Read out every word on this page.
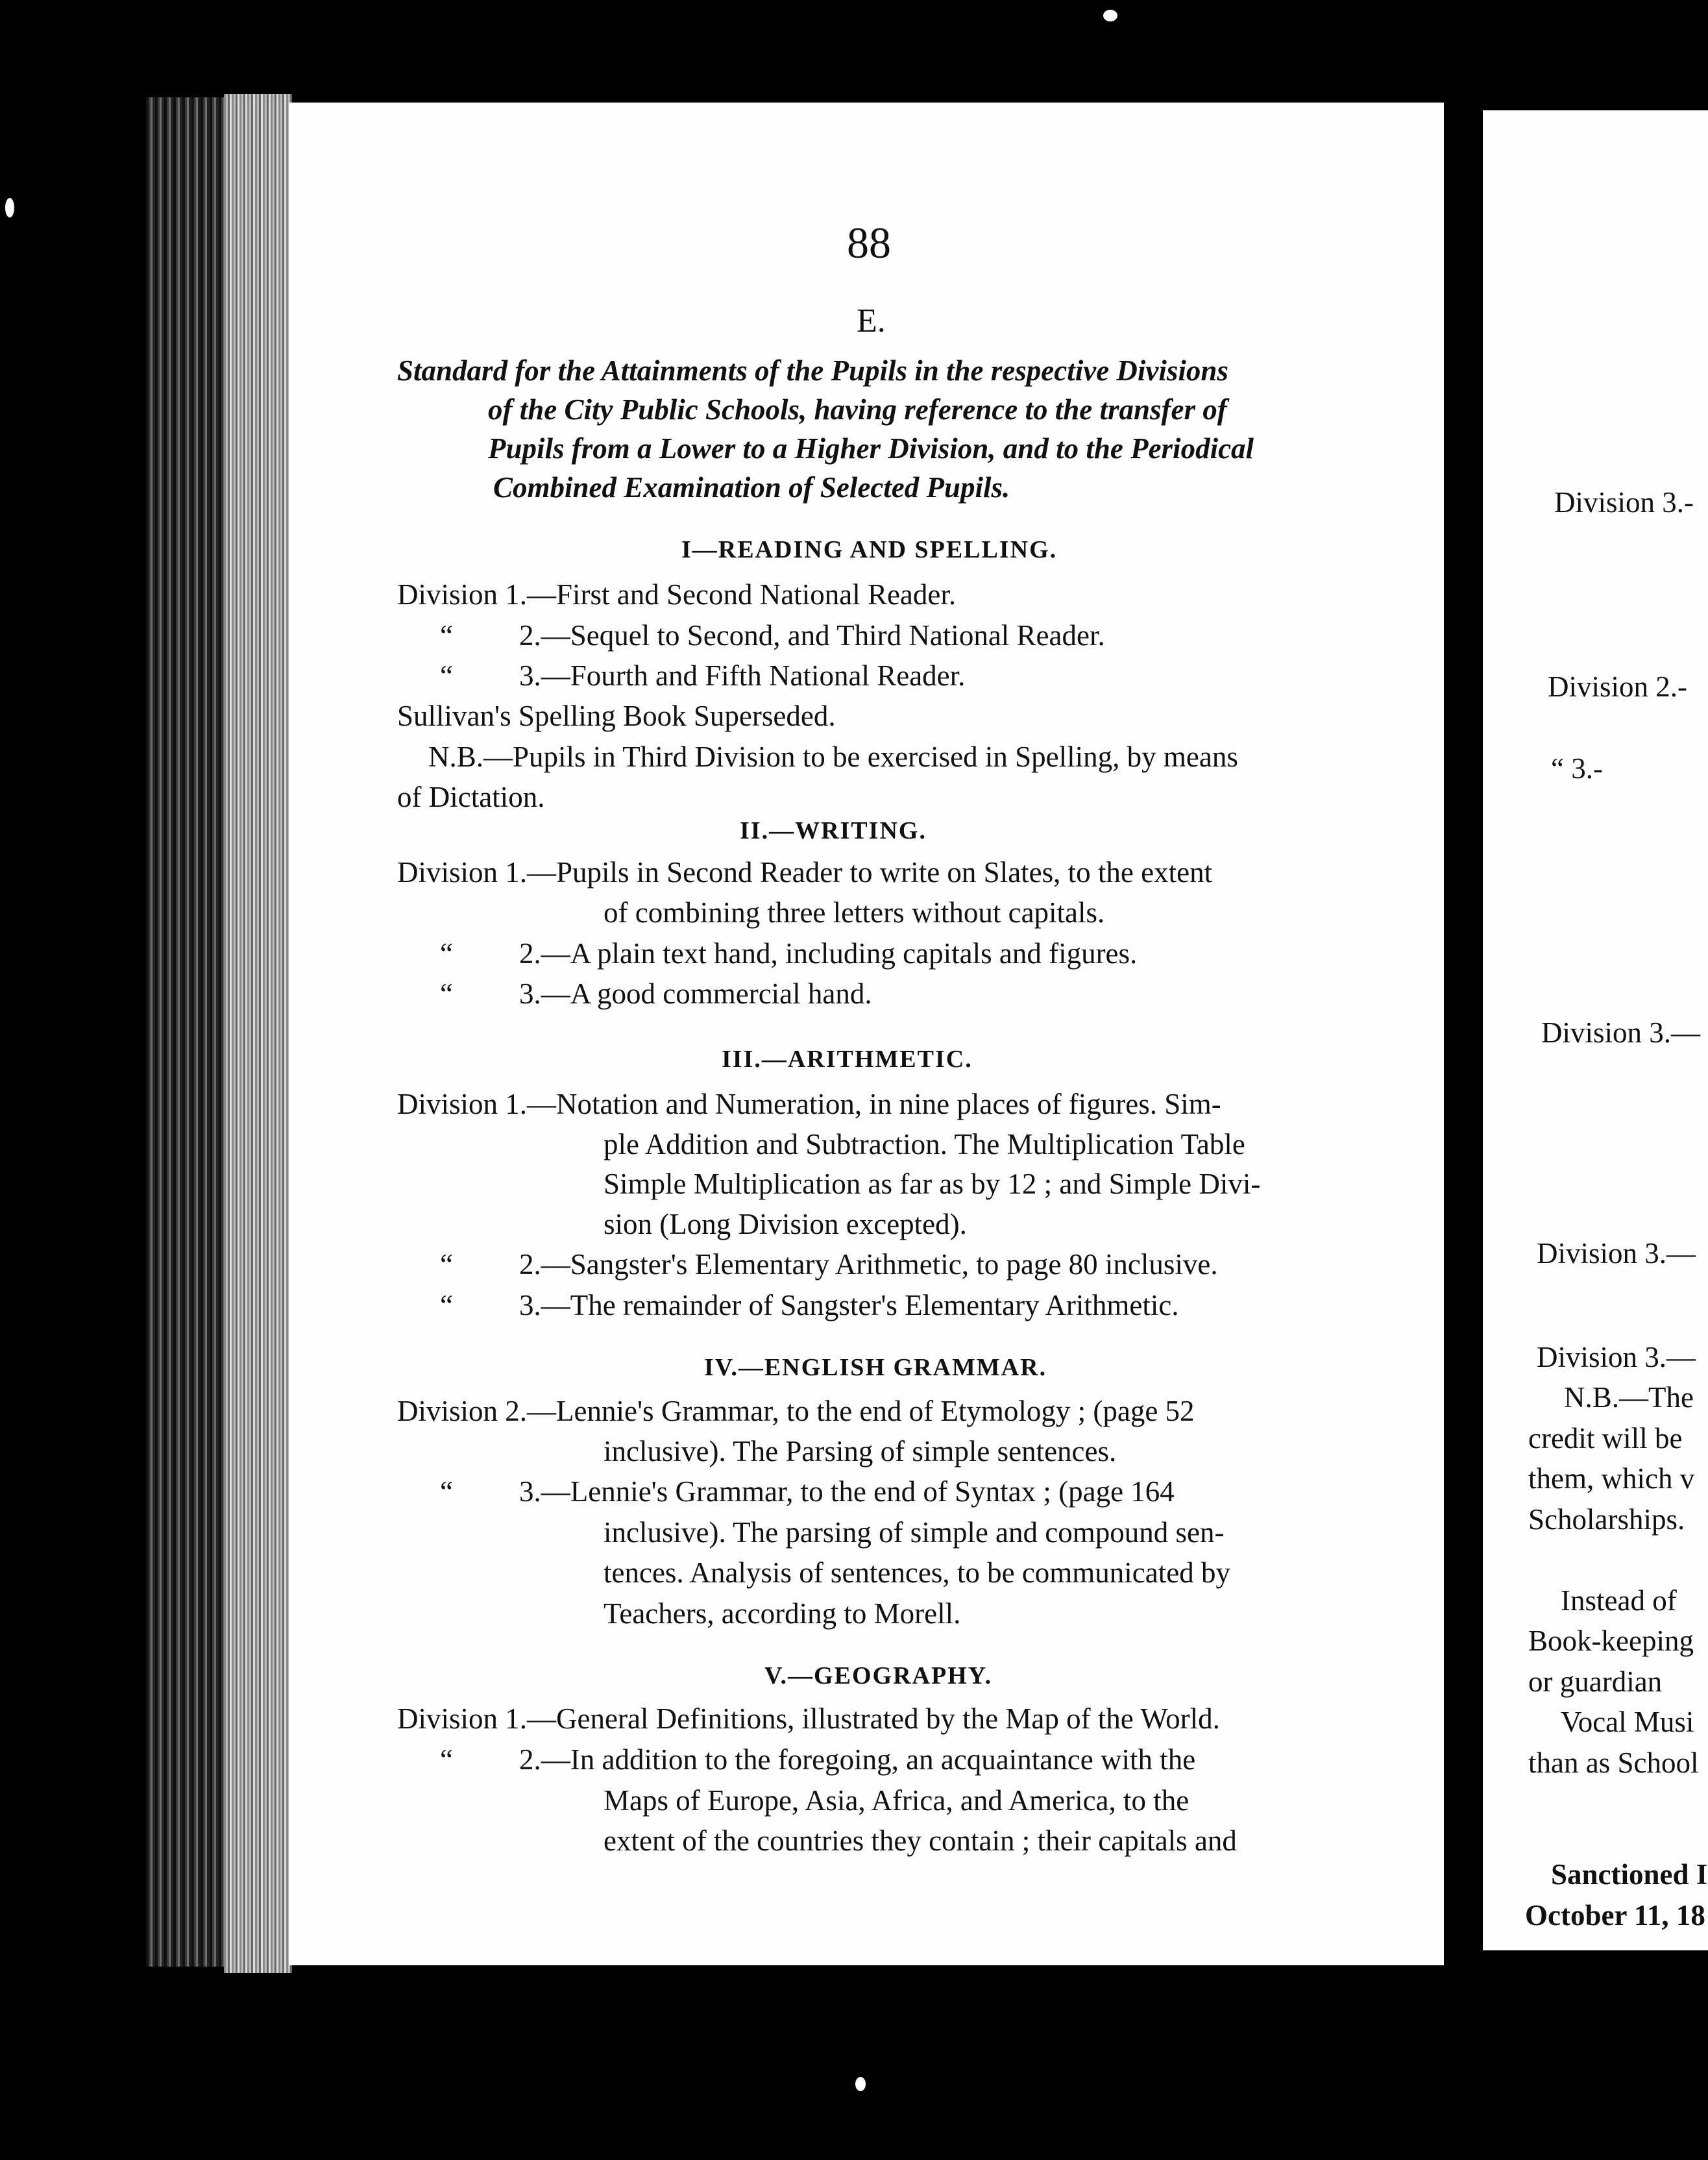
88
E.
Standard for the Attainments of the Pupils in the respective Divisions
of the City Public Schools, having reference to the transfer of
Pupils from a Lower to a Higher Division, and to the Periodical
Combined Examination of Selected Pupils.
I—READING AND SPELLING.
Division 1.—First and Second National Reader.
“ 2.—Sequel to Second, and Third National Reader.
“ 3.—Fourth and Fifth National Reader.
Sullivan's Spelling Book Superseded.
N.B.—Pupils in Third Division to be exercised in Spelling, by means
of Dictation.
II.—WRITING.
Division 1.—Pupils in Second Reader to write on Slates, to the extent
of combining three letters without capitals.
“ 2.—A plain text hand, including capitals and figures.
“ 3.—A good commercial hand.
III.—ARITHMETIC.
Division 1.—Notation and Numeration, in nine places of figures. Sim-
ple Addition and Subtraction. The Multiplication Table
Simple Multiplication as far as by 12 ; and Simple Divi-
sion (Long Division excepted).
“ 2.—Sangster's Elementary Arithmetic, to page 80 inclusive.
“ 3.—The remainder of Sangster's Elementary Arithmetic.
IV.—ENGLISH GRAMMAR.
Division 2.—Lennie's Grammar, to the end of Etymology ; (page 52
inclusive). The Parsing of simple sentences.
“ 3.—Lennie's Grammar, to the end of Syntax ; (page 164
inclusive). The parsing of simple and compound sen-
tences. Analysis of sentences, to be communicated by
Teachers, according to Morell.
V.—GEOGRAPHY.
Division 1.—General Definitions, illustrated by the Map of the World.
“ 2.—In addition to the foregoing, an acquaintance with the
Maps of Europe, Asia, Africa, and America, to the
extent of the countries they contain ; their capitals and
Division 3.-
Division 2.-
“ 3.-
Division 3.—
Division 3.—
Division 3.—
N.B.—The
credit will be
them, which v
Scholarships.
Instead of
Book-keeping
or guardian
Vocal Musi
than as School
Sanctioned I
October 11, 18
